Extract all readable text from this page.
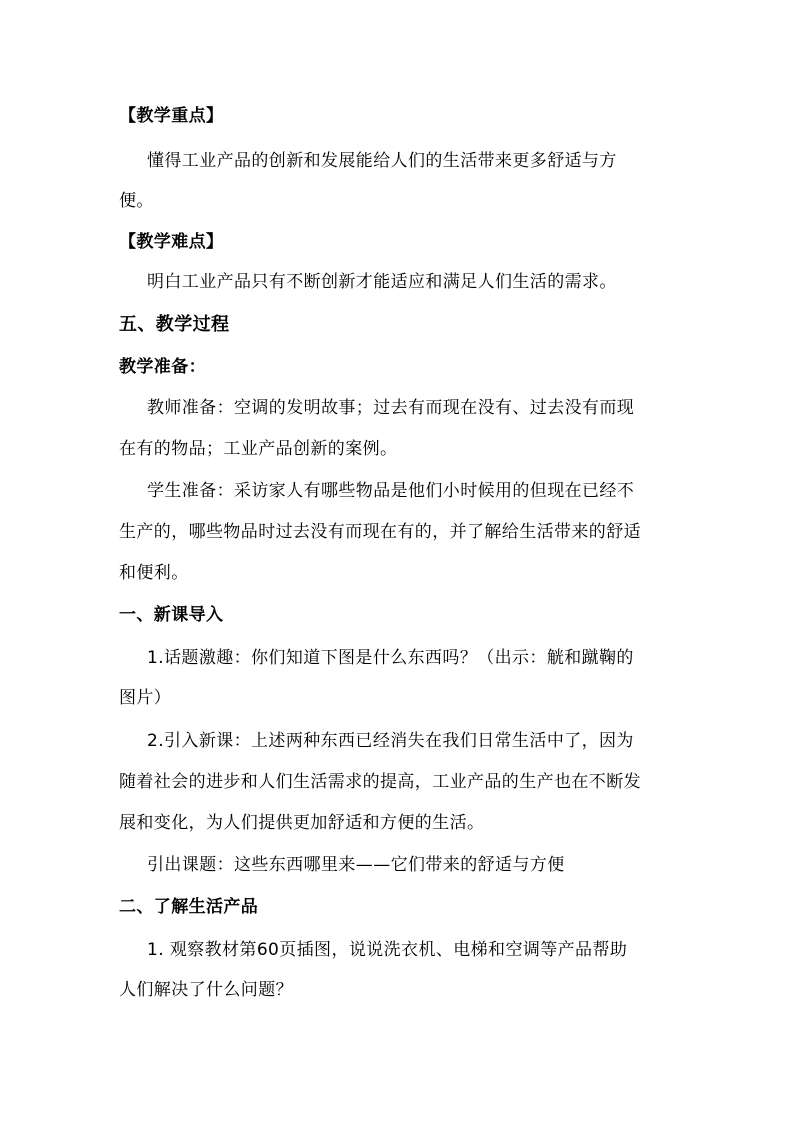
【教学重点】
懂得工业产品的创新和发展能给人们的生活带来更多舒适与方
便。
【教学难点】
明白工业产品只有不断创新才能适应和满足人们生活的需求。
五、教学过程
教学准备：
教师准备：空调的发明故事；过去有而现在没有、过去没有而现
在有的物品；工业产品创新的案例。
学生准备：采访家人有哪些物品是他们小时候用的但现在已经不
生产的，哪些物品时过去没有而现在有的，并了解给生活带来的舒适
和便利。
一、新课导入
1.话题激趣：你们知道下图是什么东西吗？（出示：觥和蹴鞠的
图片）
2.引入新课：上述两种东西已经消失在我们日常生活中了，因为
随着社会的进步和人们生活需求的提高，工业产品的生产也在不断发
展和变化，为人们提供更加舒适和方便的生活。
引出课题：这些东西哪里来——它们带来的舒适与方便
二、了解生活产品
1. 观察教材第60页插图，说说洗衣机、电梯和空调等产品帮助
人们解决了什么问题？
